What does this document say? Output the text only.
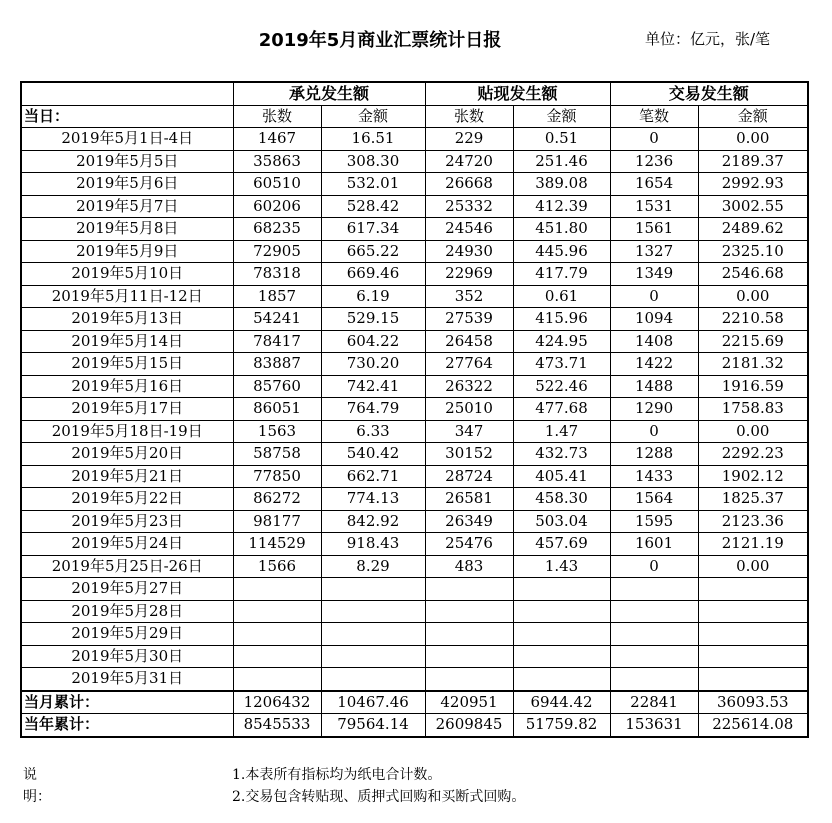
2019年5月商业汇票统计日报	单位：亿元，张/笔
	承兑发生额		贴现发生额		交易发生额	
当日：	张数	金额	张数	金额	笔数	金额
2019年5月1日-4日	1467	16.51	229	0.51	0	0.00
2019年5月5日	35863	308.30	24720	251.46	1236	2189.37
2019年5月6日	60510	532.01	26668	389.08	1654	2992.93
2019年5月7日	60206	528.42	25332	412.39	1531	3002.55
2019年5月8日	68235	617.34	24546	451.80	1561	2489.62
2019年5月9日	72905	665.22	24930	445.96	1327	2325.10
2019年5月10日	78318	669.46	22969	417.79	1349	2546.68
2019年5月11日-12日	1857	6.19	352	0.61	0	0.00
2019年5月13日	54241	529.15	27539	415.96	1094	2210.58
2019年5月14日	78417	604.22	26458	424.95	1408	2215.69
2019年5月15日	83887	730.20	27764	473.71	1422	2181.32
2019年5月16日	85760	742.41	26322	522.46	1488	1916.59
2019年5月17日	86051	764.79	25010	477.68	1290	1758.83
2019年5月18日-19日	1563	6.33	347	1.47	0	0.00
2019年5月20日	58758	540.42	30152	432.73	1288	2292.23
2019年5月21日	77850	662.71	28724	405.41	1433	1902.12
2019年5月22日	86272	774.13	26581	458.30	1564	1825.37
2019年5月23日	98177	842.92	26349	503.04	1595	2123.36
2019年5月24日	114529	918.43	25476	457.69	1601	2121.19
2019年5月25日-26日	1566	8.29	483	1.43	0	0.00
2019年5月27日						
2019年5月28日						
2019年5月29日						
2019年5月30日						
2019年5月31日						
当月累计：	1206432	10467.46	420951	6944.42	22841	36093.53
当年累计：	8545533	79564.14	2609845	51759.82	153631	225614.08
说明：
1.本表所有指标均为纸电合计数。
2.交易包含转贴现、质押式回购和买断式回购。
